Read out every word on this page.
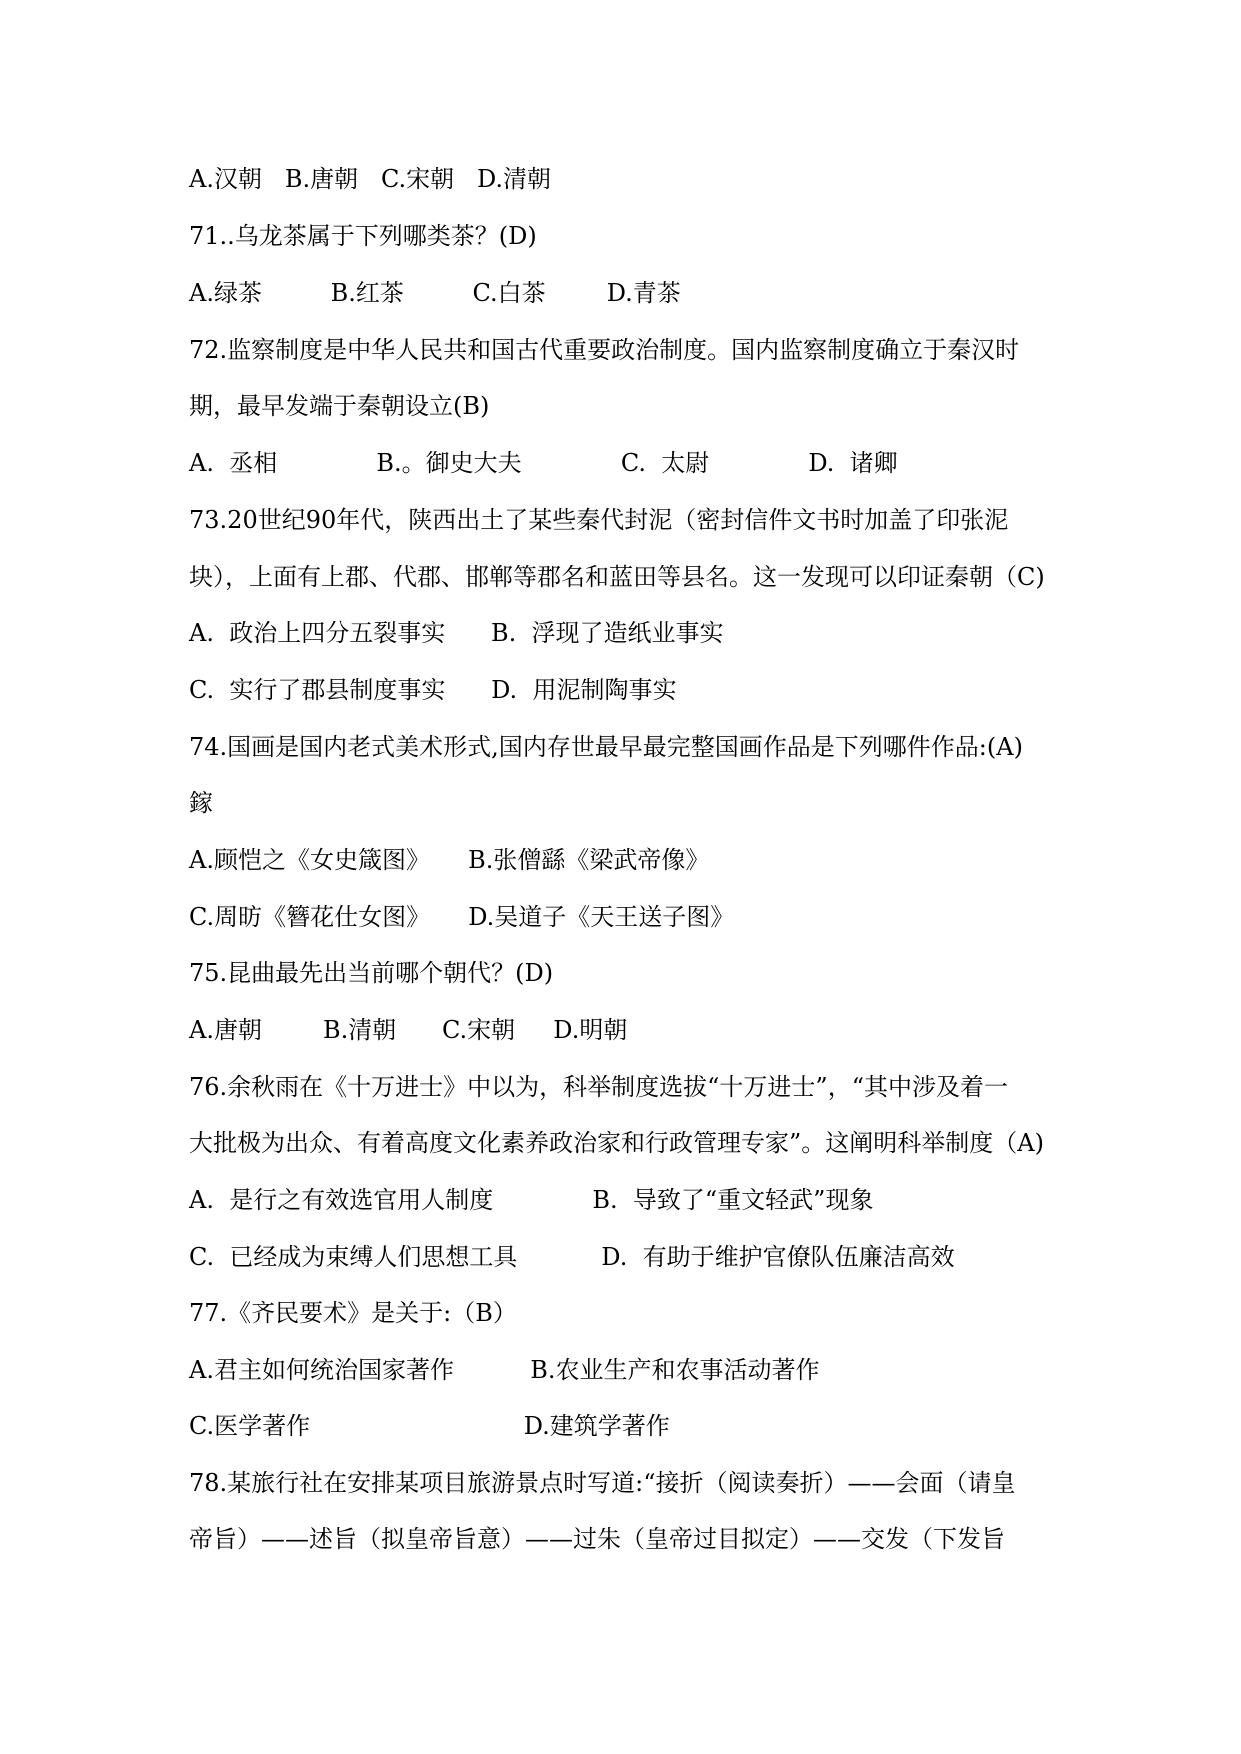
A.汉朝   B.唐朝   C.宋朝   D.清朝
71..乌龙茶属于下列哪类茶？(D)
A.绿茶         B.红茶         C.白茶        D.青茶
72.监察制度是中华人民共和国古代重要政治制度。国内监察制度确立于秦汉时
期，最早发端于秦朝设立(B)
A.  丞相             B.。御史大夫             C.  太尉             D.  诸卿
73.20世纪90年代，陕西出土了某些秦代封泥（密封信件文书时加盖了印张泥
块），上面有上郡、代郡、邯郸等郡名和蓝田等县名。这一发现可以印证秦朝（C)
A.  政治上四分五裂事实      B.  浮现了造纸业事实
C.  实行了郡县制度事实      D.  用泥制陶事实
74.国画是国内老式美术形式,国内存世最早最完整国画作品是下列哪件作品:(A)
鎵
A.顾恺之《女史箴图》     B.张僧繇《梁武帝像》
C.周昉《簪花仕女图》     D.吴道子《天王送子图》
75.昆曲最先出当前哪个朝代？(D)
A.唐朝        B.清朝      C.宋朝     D.明朝
76.余秋雨在《十万进士》中以为，科举制度选拔“十万进士”，“其中涉及着一
大批极为出众、有着高度文化素养政治家和行政管理专家”。这阐明科举制度（A)
A.  是行之有效选官用人制度             B.  导致了“重文轻武”现象
C.  已经成为束缚人们思想工具           D.  有助于维护官僚队伍廉洁高效
77.《齐民要术》是关于:（B）
A.君主如何统治国家著作          B.农业生产和农事活动著作
C.医学著作                            D.建筑学著作
78.某旅行社在安排某项目旅游景点时写道:“接折（阅读奏折）——会面（请皇
帝旨）——述旨（拟皇帝旨意）——过朱（皇帝过目拟定）——交发（下发旨
